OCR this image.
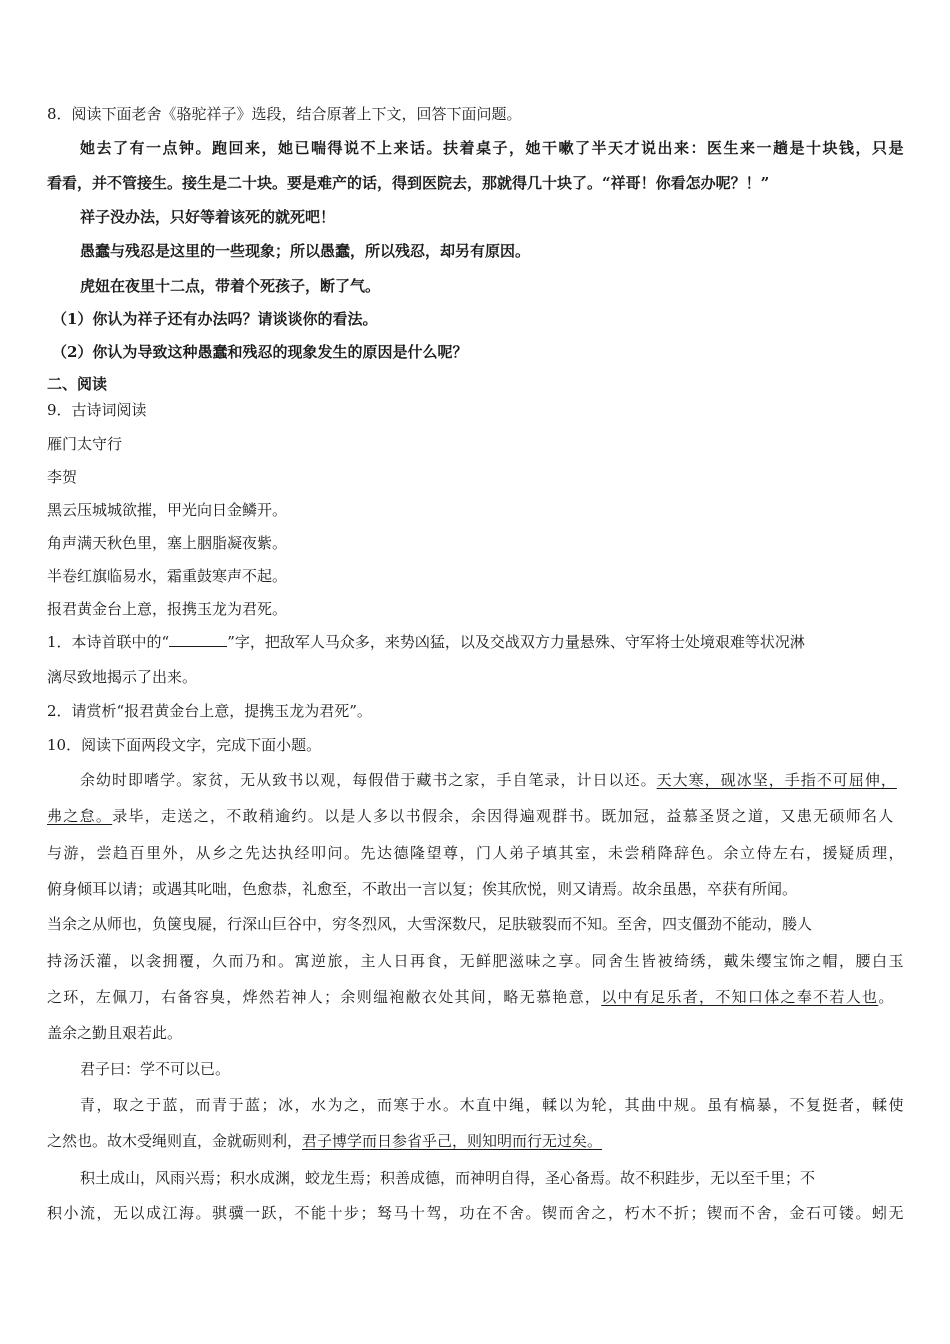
8．阅读下面老舍《骆驼祥子》选段，结合原著上下文，回答下面问题。
她去了有一点钟。跑回来，她已喘得说不上来话。扶着桌子，她干嗽了半天才说出来：医生来一趟是十块钱，只是
看看，并不管接生。接生是二十块。要是难产的话，得到医院去，那就得几十块了。“祥哥！你看怎办呢？！”
祥子没办法，只好等着该死的就死吧！
愚蠢与残忍是这里的一些现象；所以愚蠢，所以残忍，却另有原因。
虎妞在夜里十二点，带着个死孩子，断了气。
（1）你认为祥子还有办法吗？请谈谈你的看法。
（2）你认为导致这种愚蠢和残忍的现象发生的原因是什么呢？
二、阅读
9．古诗词阅读
雁门太守行
李贺
黑云压城城欲摧，甲光向日金鳞开。
角声满天秋色里，塞上胭脂凝夜紫。
半卷红旗临易水，霜重鼓寒声不起。
报君黄金台上意，报携玉龙为君死。
1．本诗首联中的“	”字，把敌军人马众多，来势凶猛，以及交战双方力量悬殊、守军将士处境艰难等状况淋
漓尽致地揭示了出来。
2．请赏析“报君黄金台上意，提携玉龙为君死”。
10．阅读下面两段文字，完成下面小题。
余幼时即嗜学。家贫，无从致书以观，每假借于藏书之家，手自笔录，计日以还。天大寒，砚冰坚，手指不可屈伸，
弗之怠。录毕，走送之，不敢稍逾约。以是人多以书假余，余因得遍观群书。既加冠，益慕圣贤之道，又患无硕师名人
与游，尝趋百里外，从乡之先达执经叩问。先达德隆望尊，门人弟子填其室，未尝稍降辞色。余立侍左右，援疑质理，
俯身倾耳以请；或遇其叱咄，色愈恭，礼愈至，不敢出一言以复；俟其欣悦，则又请焉。故余虽愚，卒获有所闻。
当余之从师也，负箧曳屣，行深山巨谷中，穷冬烈风，大雪深数尺，足肤皲裂而不知。至舍，四支僵劲不能动，媵人
持汤沃灌，以衾拥覆，久而乃和。寓逆旅，主人日再食，无鲜肥滋味之享。同舍生皆被绮绣，戴朱缨宝饰之帽，腰白玉
之环，左佩刀，右备容臭，烨然若神人；余则缊袍敝衣处其间，略无慕艳意，以中有足乐者，不知口体之奉不若人也。
盖余之勤且艰若此。
君子曰：学不可以已。
青，取之于蓝，而青于蓝；冰，水为之，而寒于水。木直中绳，輮以为轮，其曲中规。虽有槁暴，不复挺者，輮使
之然也。故木受绳则直，金就砺则利，君子博学而日参省乎己，则知明而行无过矣。
积土成山，风雨兴焉；积水成渊，蛟龙生焉；积善成德，而神明自得，圣心备焉。故不积跬步，无以至千里；不
积小流，无以成江海。骐骥一跃，不能十步；驽马十驾，功在不舍。锲而舍之，朽木不折；锲而不舍，金石可镂。蚓无
